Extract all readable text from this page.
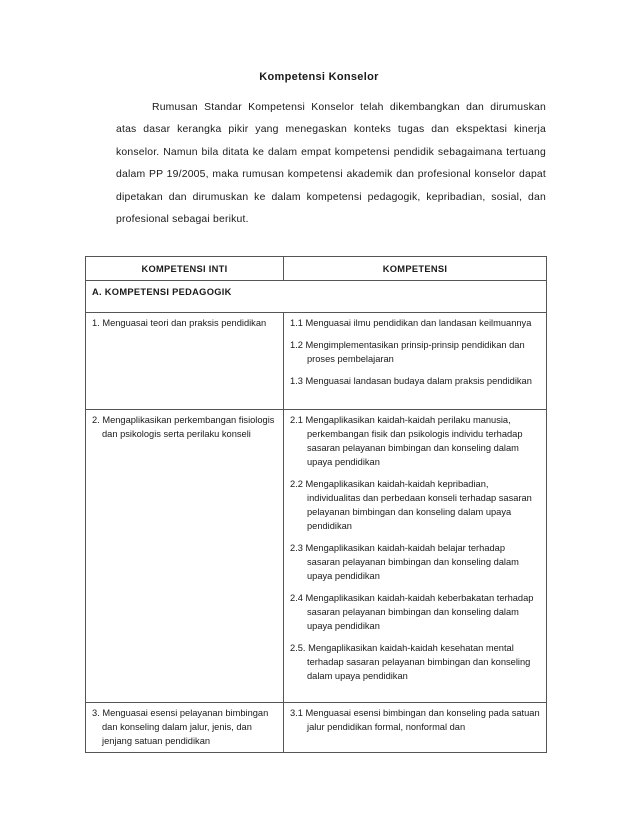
Kompetensi Konselor
Rumusan Standar Kompetensi Konselor telah dikembangkan dan dirumuskan atas dasar kerangka pikir yang menegaskan konteks tugas dan ekspektasi kinerja konselor. Namun bila ditata ke dalam empat kompetensi pendidik sebagaimana tertuang dalam PP 19/2005, maka rumusan kompetensi akademik dan profesional konselor dapat dipetakan dan dirumuskan ke dalam kompetensi pedagogik, kepribadian, sosial, dan profesional sebagai berikut.
KOMPETENSI INTI	KOMPETENSI
A. KOMPETENSI PEDAGOGIK	

1. Menguasai teori dan praksis pendidikan	1.1 Menguasai ilmu pendidikan dan landasan keilmuannya
1.2 Mengimplementasikan prinsip-prinsip pendidikan dan proses pembelajaran
1.3 Menguasai landasan budaya dalam praksis pendidikan

2. Mengaplikasikan perkembangan fisiologis dan psikologis serta perilaku konseli	2.1 Mengaplikasikan kaidah-kaidah perilaku manusia, perkembangan fisik dan psikologis individu terhadap sasaran pelayanan bimbingan dan konseling dalam upaya pendidikan
2.2 Mengaplikasikan kaidah-kaidah kepribadian, individualitas dan perbedaan konseli terhadap sasaran pelayanan bimbingan dan konseling dalam upaya pendidikan
2.3 Mengaplikasikan kaidah-kaidah belajar terhadap sasaran pelayanan bimbingan dan konseling dalam upaya pendidikan
2.4 Mengaplikasikan kaidah-kaidah keberbakatan terhadap sasaran pelayanan bimbingan dan konseling dalam upaya pendidikan
2.5. Mengaplikasikan kaidah-kaidah kesehatan mental terhadap sasaran pelayanan bimbingan dan konseling dalam upaya pendidikan

3. Menguasai esensi pelayanan bimbingan dan konseling dalam jalur, jenis, dan jenjang satuan pendidikan	3.1 Menguasai esensi bimbingan dan konseling pada satuan jalur pendidikan formal, nonformal dan
